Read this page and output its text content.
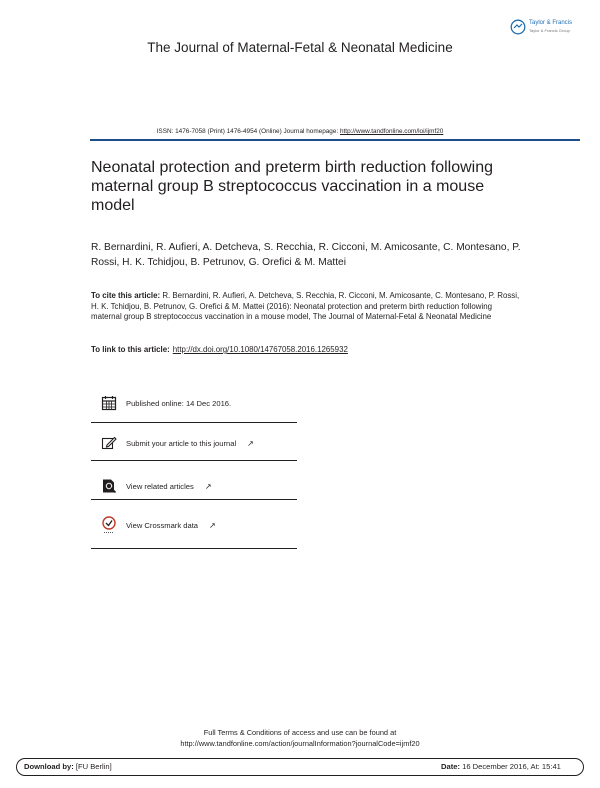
Taylor & Francis
Taylor & Francis Group
The Journal of Maternal-Fetal & Neonatal Medicine
ISSN: 1476-7058 (Print) 1476-4954 (Online) Journal homepage: http://www.tandfonline.com/loi/ijmf20
Neonatal protection and preterm birth reduction following maternal group B streptococcus vaccination in a mouse model
R. Bernardini, R. Aufieri, A. Detcheva, S. Recchia, R. Cicconi, M. Amicosante, C. Montesano, P. Rossi, H. K. Tchidjou, B. Petrunov, G. Orefici & M. Mattei
To cite this article: R. Bernardini, R. Aufieri, A. Detcheva, S. Recchia, R. Cicconi, M. Amicosante, C. Montesano, P. Rossi, H. K. Tchidjou, B. Petrunov, G. Orefici & M. Mattei (2016): Neonatal protection and preterm birth reduction following maternal group B streptococcus vaccination in a mouse model, The Journal of Maternal-Fetal & Neonatal Medicine
To link to this article: http://dx.doi.org/10.1080/14767058.2016.1265932
Published online: 14 Dec 2016.
Submit your article to this journal ↗
View related articles ↗
View Crossmark data ↗
Full Terms & Conditions of access and use can be found at
http://www.tandfonline.com/action/journalInformation?journalCode=ijmf20
Download by: [FU Berlin]	Date: 16 December 2016, At: 15:41
